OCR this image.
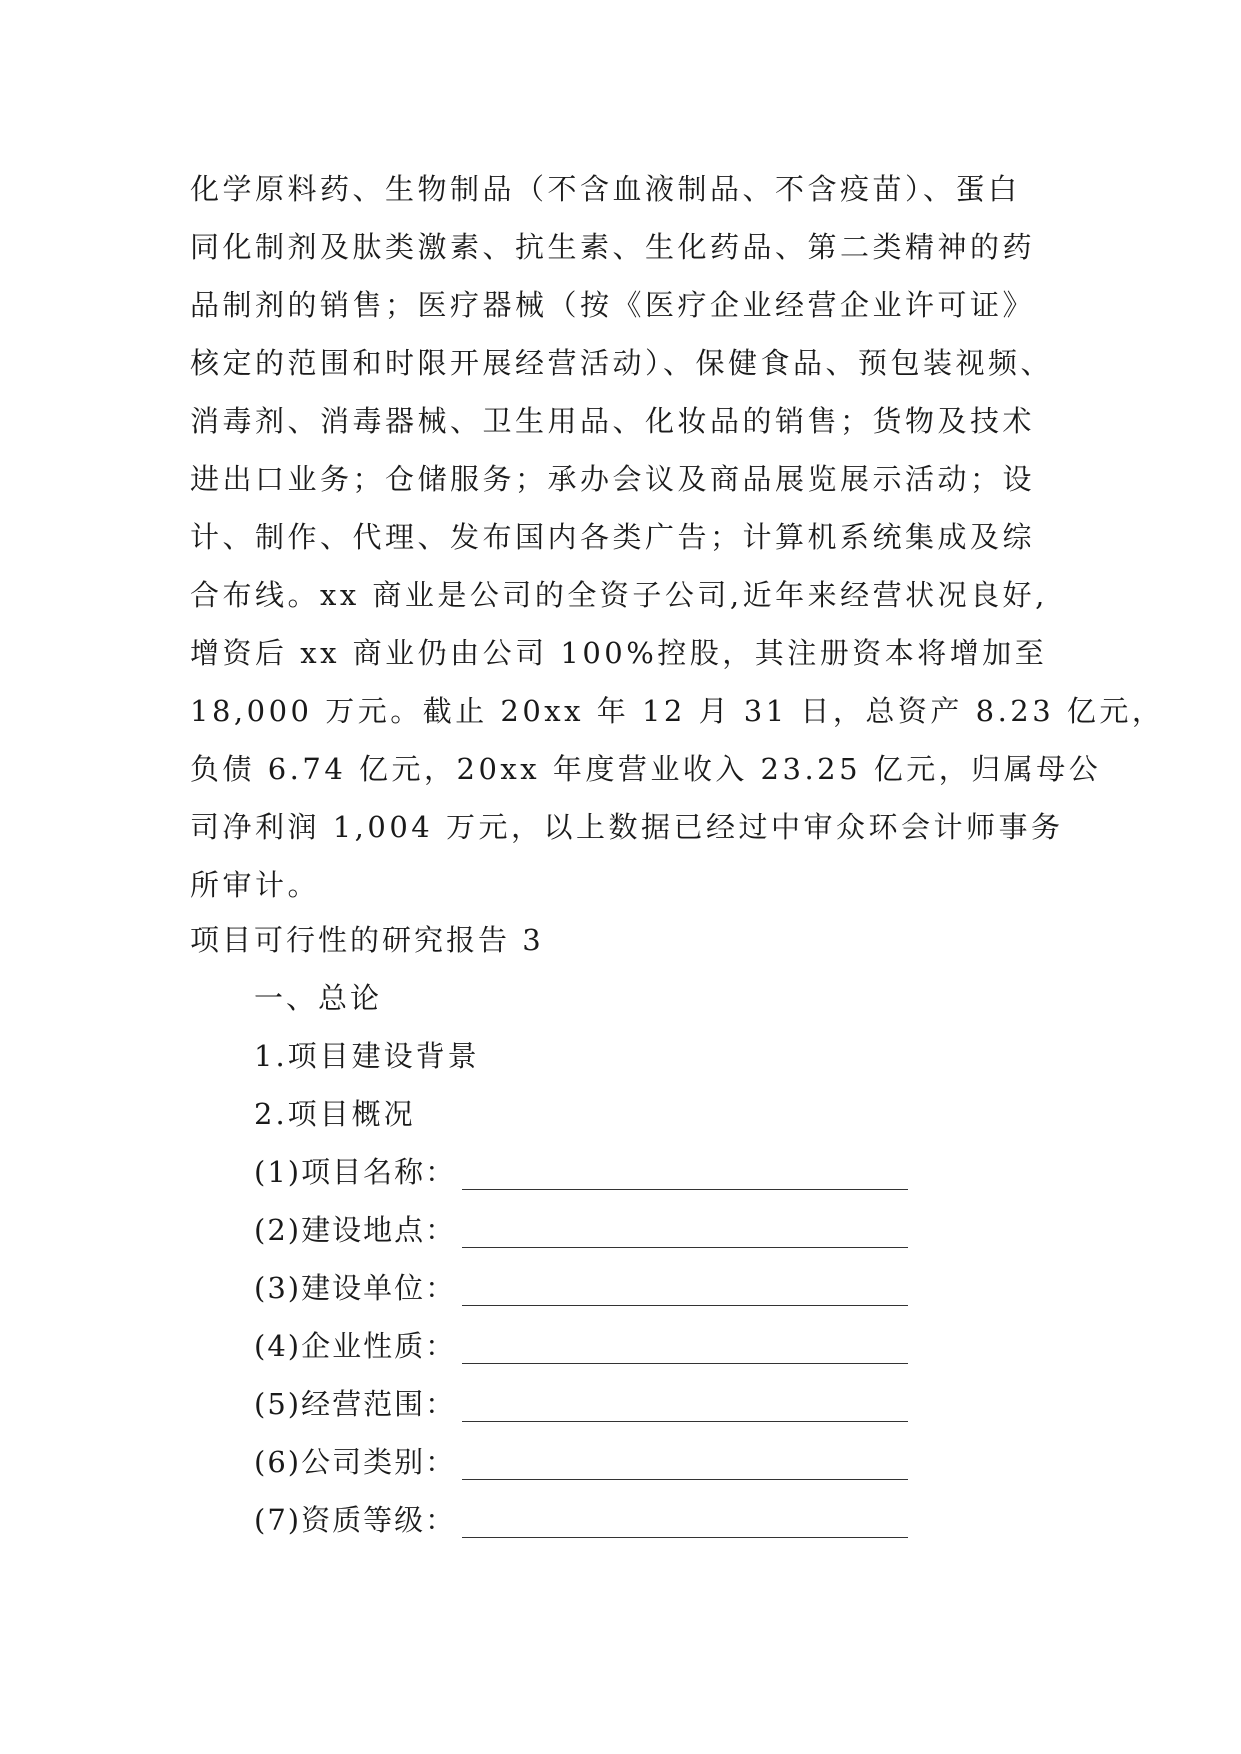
化学原料药、生物制品（不含血液制品、不含疫苗）、蛋白
同化制剂及肽类激素、抗生素、生化药品、第二类精神的药
品制剂的销售；医疗器械（按《医疗企业经营企业许可证》
核定的范围和时限开展经营活动）、保健食品、预包装视频、
消毒剂、消毒器械、卫生用品、化妆品的销售；货物及技术
进出口业务；仓储服务；承办会议及商品展览展示活动；设
计、制作、代理、发布国内各类广告；计算机系统集成及综
合布线。xx 商业是公司的全资子公司,近年来经营状况良好,
增资后 xx 商业仍由公司 100%控股，其注册资本将增加至
18,000 万元。截止 20xx 年 12 月 31 日，总资产 8.23 亿元，
负债 6.74 亿元，20xx 年度营业收入 23.25 亿元，归属母公
司净利润 1,004 万元，以上数据已经过中审众环会计师事务
所审计。
项目可行性的研究报告 3
一、总论
1.项目建设背景
2.项目概况
(1)项目名称：
(2)建设地点：
(3)建设单位：
(4)企业性质：
(5)经营范围：
(6)公司类别：
(7)资质等级：
